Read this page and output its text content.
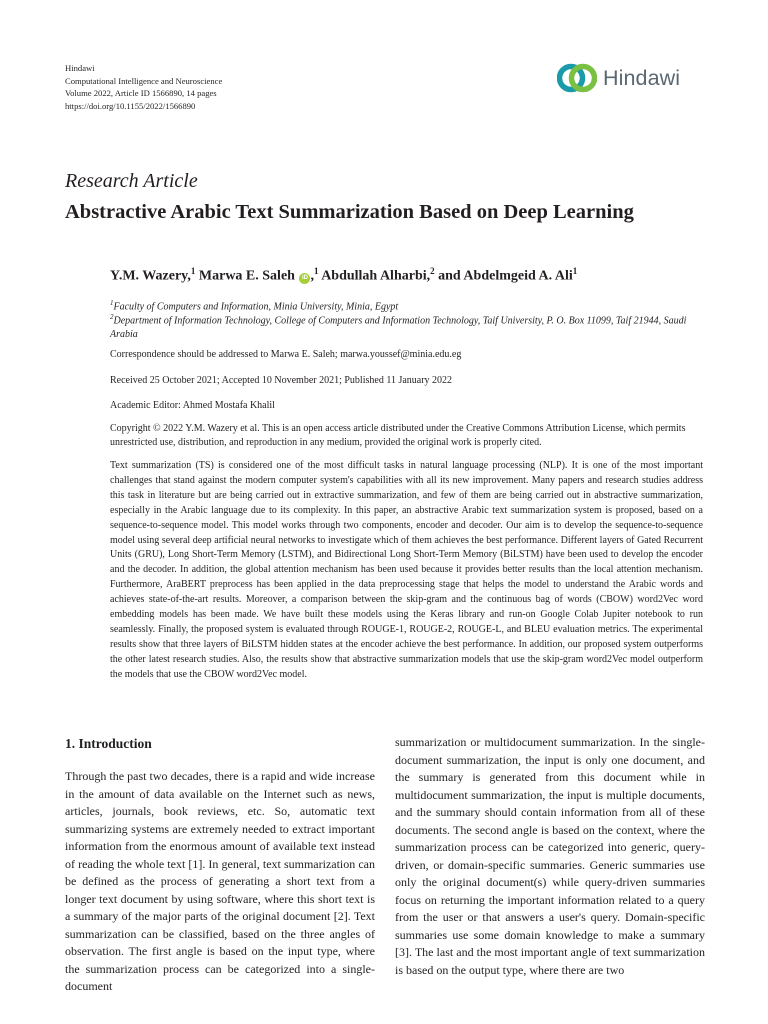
Hindawi
Computational Intelligence and Neuroscience
Volume 2022, Article ID 1566890, 14 pages
https://doi.org/10.1155/2022/1566890
Hindawi
Research Article
Abstractive Arabic Text Summarization Based on Deep Learning
Y.M. Wazery,$^1$ Marwa E. Saleh iD ,$^1$ Abdullah Alharbi,$^2$ and Abdelmgeid A. Ali$^1$
$^1$Faculty of Computers and Information, Minia University, Minia, Egypt
$^2$Department of Information Technology, College of Computers and Information Technology, Taif University, P. O. Box 11099, Taif 21944, Saudi Arabia
Correspondence should be addressed to Marwa E. Saleh; marwa.youssef@minia.edu.eg
Received 25 October 2021; Accepted 10 November 2021; Published 11 January 2022
Academic Editor: Ahmed Mostafa Khalil
Copyright © 2022 Y.M. Wazery et al. This is an open access article distributed under the Creative Commons Attribution License, which permits unrestricted use, distribution, and reproduction in any medium, provided the original work is properly cited.
Text summarization (TS) is considered one of the most difficult tasks in natural language processing (NLP). It is one of the most important challenges that stand against the modern computer system's capabilities with all its new improvement. Many papers and research studies address this task in literature but are being carried out in extractive summarization, and few of them are being carried out in abstractive summarization, especially in the Arabic language due to its complexity. In this paper, an abstractive Arabic text summarization system is proposed, based on a sequence-to-sequence model. This model works through two components, encoder and decoder. Our aim is to develop the sequence-to-sequence model using several deep artificial neural networks to investigate which of them achieves the best performance. Different layers of Gated Recurrent Units (GRU), Long Short-Term Memory (LSTM), and Bidirectional Long Short-Term Memory (BiLSTM) have been used to develop the encoder and the decoder. In addition, the global attention mechanism has been used because it provides better results than the local attention mechanism. Furthermore, AraBERT preprocess has been applied in the data preprocessing stage that helps the model to understand the Arabic words and achieves state-of-the-art results. Moreover, a comparison between the skip-gram and the continuous bag of words (CBOW) word2Vec word embedding models has been made. We have built these models using the Keras library and run-on Google Colab Jupiter notebook to run seamlessly. Finally, the proposed system is evaluated through ROUGE-1, ROUGE-2, ROUGE-L, and BLEU evaluation metrics. The experimental results show that three layers of BiLSTM hidden states at the encoder achieve the best performance. In addition, our proposed system outperforms the other latest research studies. Also, the results show that abstractive summarization models that use the skip-gram word2Vec model outperform the models that use the CBOW word2Vec model.
1. Introduction

Through the past two decades, there is a rapid and wide increase in the amount of data available on the Internet such as news, articles, journals, book reviews, etc. So, automatic text summarizing systems are extremely needed to extract important information from the enormous amount of available text instead of reading the whole text [1]. In general, text summarization can be defined as the process of generating a short text from a longer text document by using software, where this short text is a summary of the major parts of the original document [2]. Text summarization can be classified, based on the three angles of observation. The first angle is based on the input type, where the summarization process can be categorized into a single-document

summarization or multidocument summarization. In the single-document summarization, the input is only one document, and the summary is generated from this document while in multidocument summarization, the input is multiple documents, and the summary should contain information from all of these documents. The second angle is based on the context, where the summarization process can be categorized into generic, query-driven, or domain-specific summaries. Generic summaries use only the original document(s) while query-driven summaries focus on returning the important information related to a query from the user or that answers a user's query. Domain-specific summaries use some domain knowledge to make a summary [3]. The last and the most important angle of text summarization is based on the output type, where there are two
